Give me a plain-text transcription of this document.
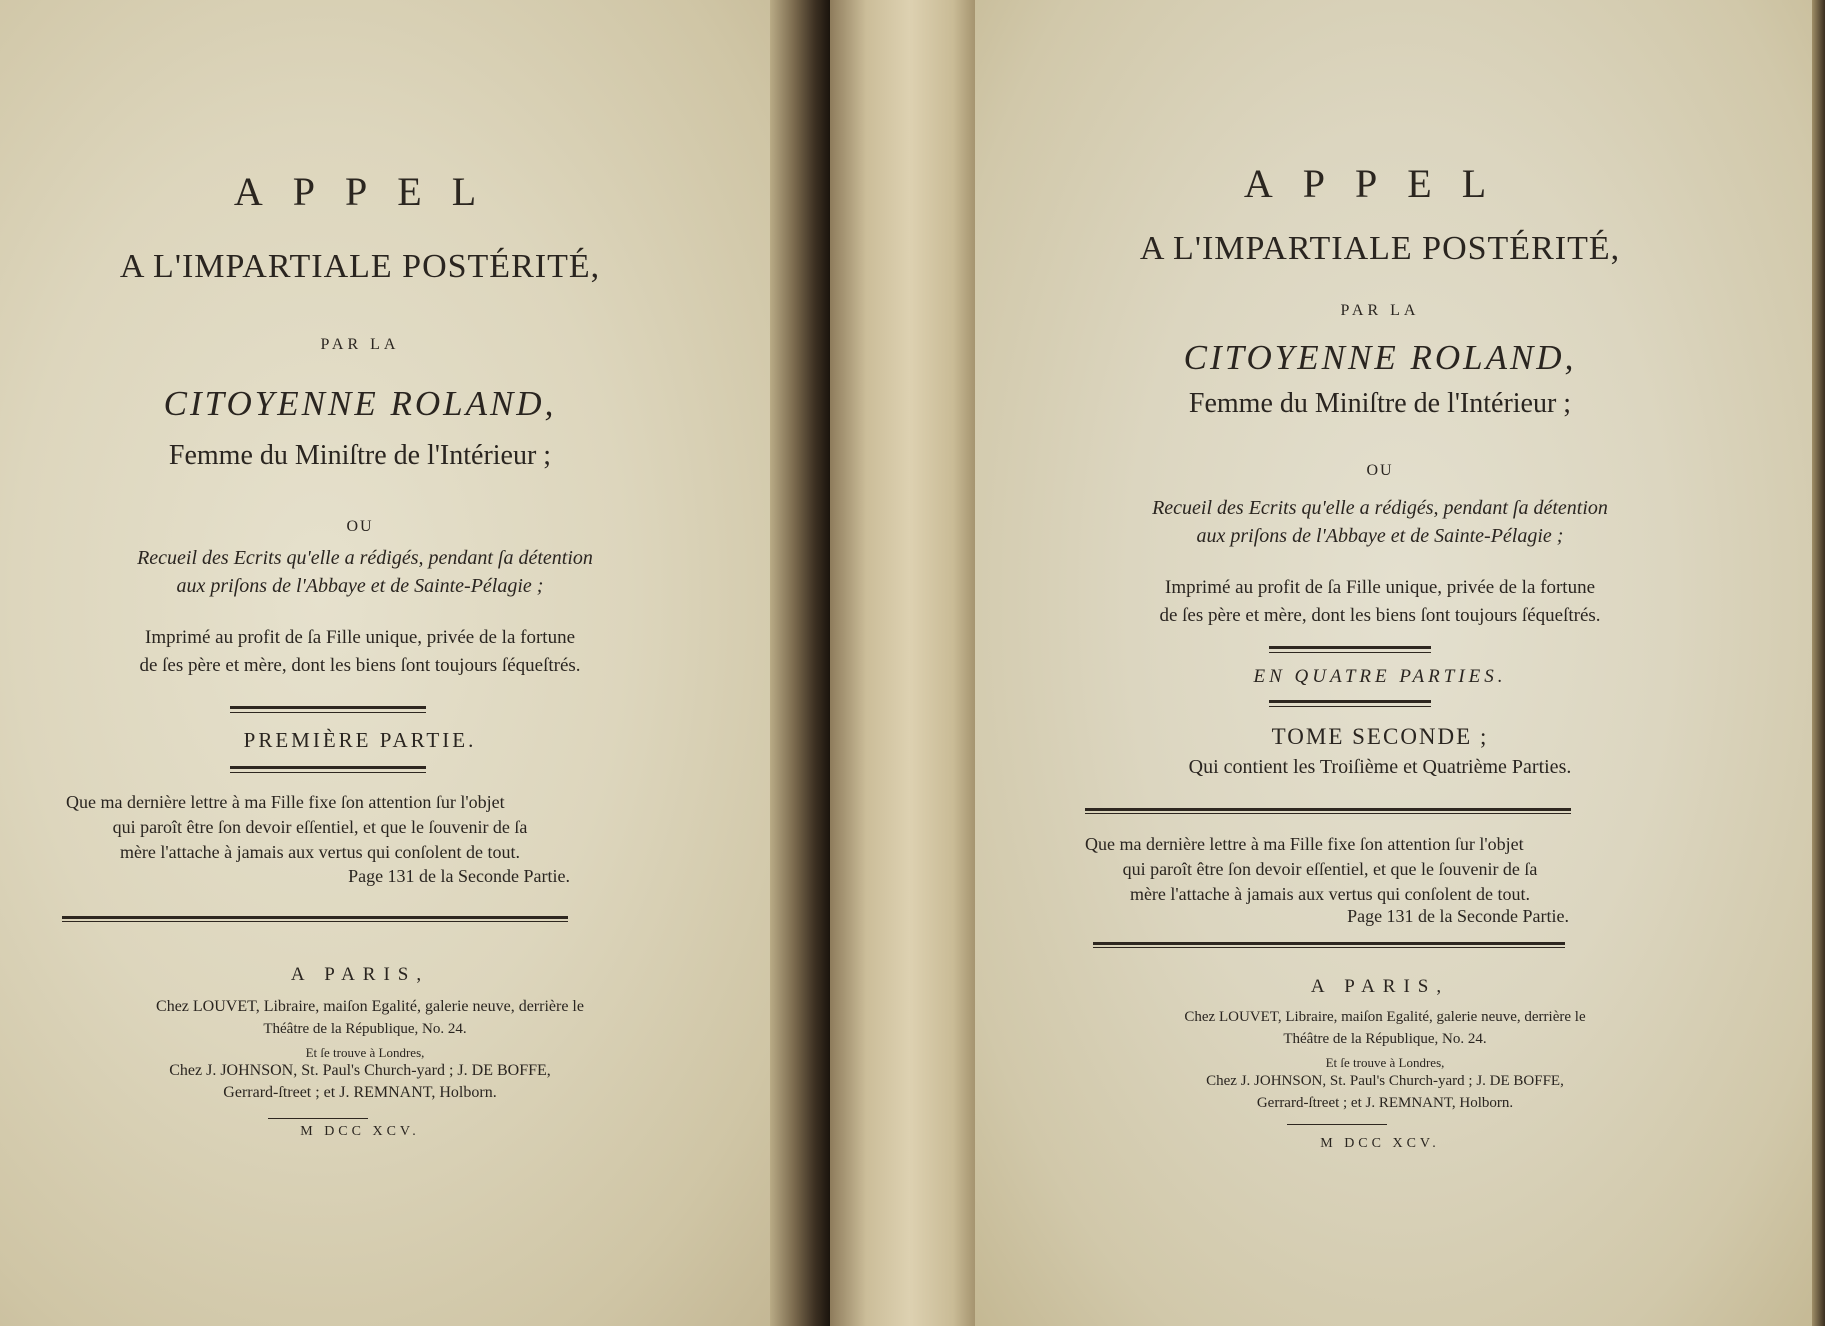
APPEL
A L'IMPARTIALE POSTÉRITÉ,
PAR LA
CITOYENNE ROLAND,
Femme du Miniſtre de l'Intérieur ;
OU
Recueil des Ecrits qu'elle a rédigés, pendant ſa détention
aux priſons de l'Abbaye et de Sainte-Pélagie ;
Imprimé au profit de ſa Fille unique, privée de la fortune
de ſes père et mère, dont les biens ſont toujours ſéqueſtrés.
PREMIÈRE PARTIE.
Que ma dernière lettre à ma Fille fixe ſon attention ſur l'objet
qui paroît être ſon devoir eſſentiel, et que le ſouvenir de ſa
mère l'attache à jamais aux vertus qui conſolent de tout.
Page 131 de la Seconde Partie.
A PARIS,
Chez LOUVET, Libraire, maiſon Egalité, galerie neuve, derrière le
Théâtre de la République, No. 24.
Et ſe trouve à Londres,
Chez J. JOHNSON, St. Paul's Church-yard ; J. DE BOFFE,
Gerrard-ſtreet ; et J. REMNANT, Holborn.
M DCC XCV.
APPEL
A L'IMPARTIALE POSTÉRITÉ,
PAR LA
CITOYENNE ROLAND,
Femme du Miniſtre de l'Intérieur ;
OU
Recueil des Ecrits qu'elle a rédigés, pendant ſa détention
aux priſons de l'Abbaye et de Sainte-Pélagie ;
Imprimé au profit de ſa Fille unique, privée de la fortune
de ſes père et mère, dont les biens ſont toujours ſéqueſtrés.
EN QUATRE PARTIES.
TOME SECONDE ;
Qui contient les Troiſième et Quatrième Parties.
Que ma dernière lettre à ma Fille fixe ſon attention ſur l'objet
qui paroît être ſon devoir eſſentiel, et que le ſouvenir de ſa
mère l'attache à jamais aux vertus qui conſolent de tout.
Page 131 de la Seconde Partie.
A PARIS,
Chez LOUVET, Libraire, maiſon Egalité, galerie neuve, derrière le
Théâtre de la République, No. 24.
Et ſe trouve à Londres,
Chez J. JOHNSON, St. Paul's Church-yard ; J. DE BOFFE,
Gerrard-ſtreet ; et J. REMNANT, Holborn.
M DCC XCV.
